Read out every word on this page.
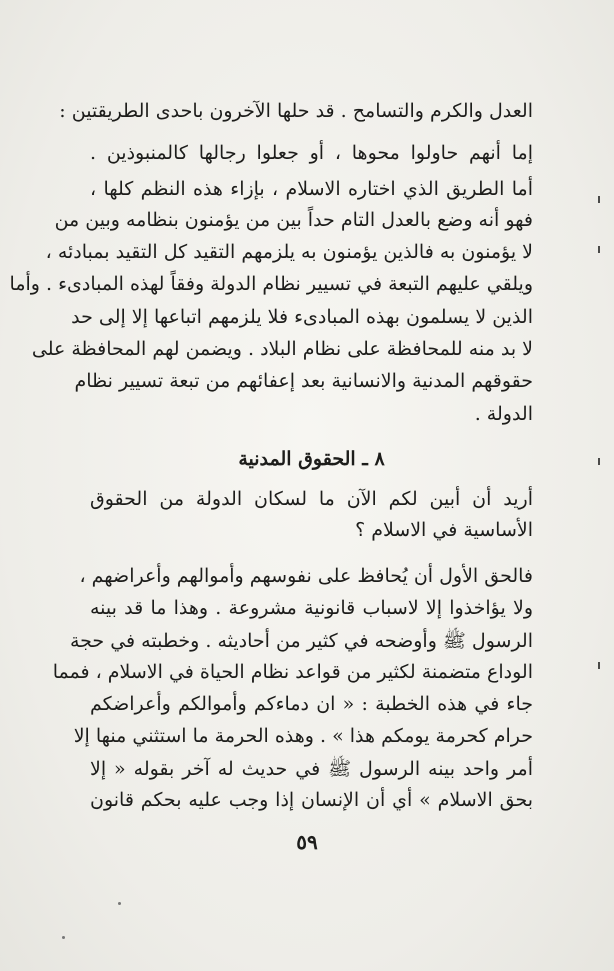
العدل والكرم والتسامح . قد حلها الآخرون باحدى الطريقتين :
إما أنهم حاولوا محوها ، أو جعلوا رجالها كالمنبوذين .
أما الطريق الذي اختاره الاسلام ، بإزاء هذه النظم كلها ،
فهو أنه وضع بالعدل التام حداً بين من يؤمنون بنظامه وبين من
لا يؤمنون به فالذين يؤمنون به يلزمهم التقيد كل التقيد بمبادئه ،
ويلقي عليهم التبعة في تسيير نظام الدولة وفقاً لهذه المبادىء . وأما
الذين لا يسلمون بهذه المبادىء فلا يلزمهم اتباعها إلا إلى حد
لا بد منه للمحافظة على نظام البلاد . ويضمن لهم المحافظة على
حقوقهم المدنية والانسانية بعد إعفائهم من تبعة تسيير نظام
الدولة .
٨ ـ الحقوق المدنية
أريد أن أبين لكم الآن ما لسكان الدولة من الحقوق
الأساسية في الاسلام ؟
فالحق الأول أن يُحافظ على نفوسهم وأموالهم وأعراضهم ،
ولا يؤاخذوا إلا لاسباب قانونية مشروعة . وهذا ما قد بينه
الرسول ﷺ وأوضحه في كثير من أحاديثه . وخطبته في حجة
الوداع متضمنة لكثير من قواعد نظام الحياة في الاسلام ، فمما
جاء في هذه الخطبة : « ان دماءكم وأموالكم وأعراضكم
حرام كحرمة يومكم هذا » . وهذه الحرمة ما استثني منها إلا
أمر واحد بينه الرسول ﷺ في حديث له آخر بقوله « إلا
بحق الاسلام » أي أن الإنسان إذا وجب عليه بحكم قانون
٥٩
